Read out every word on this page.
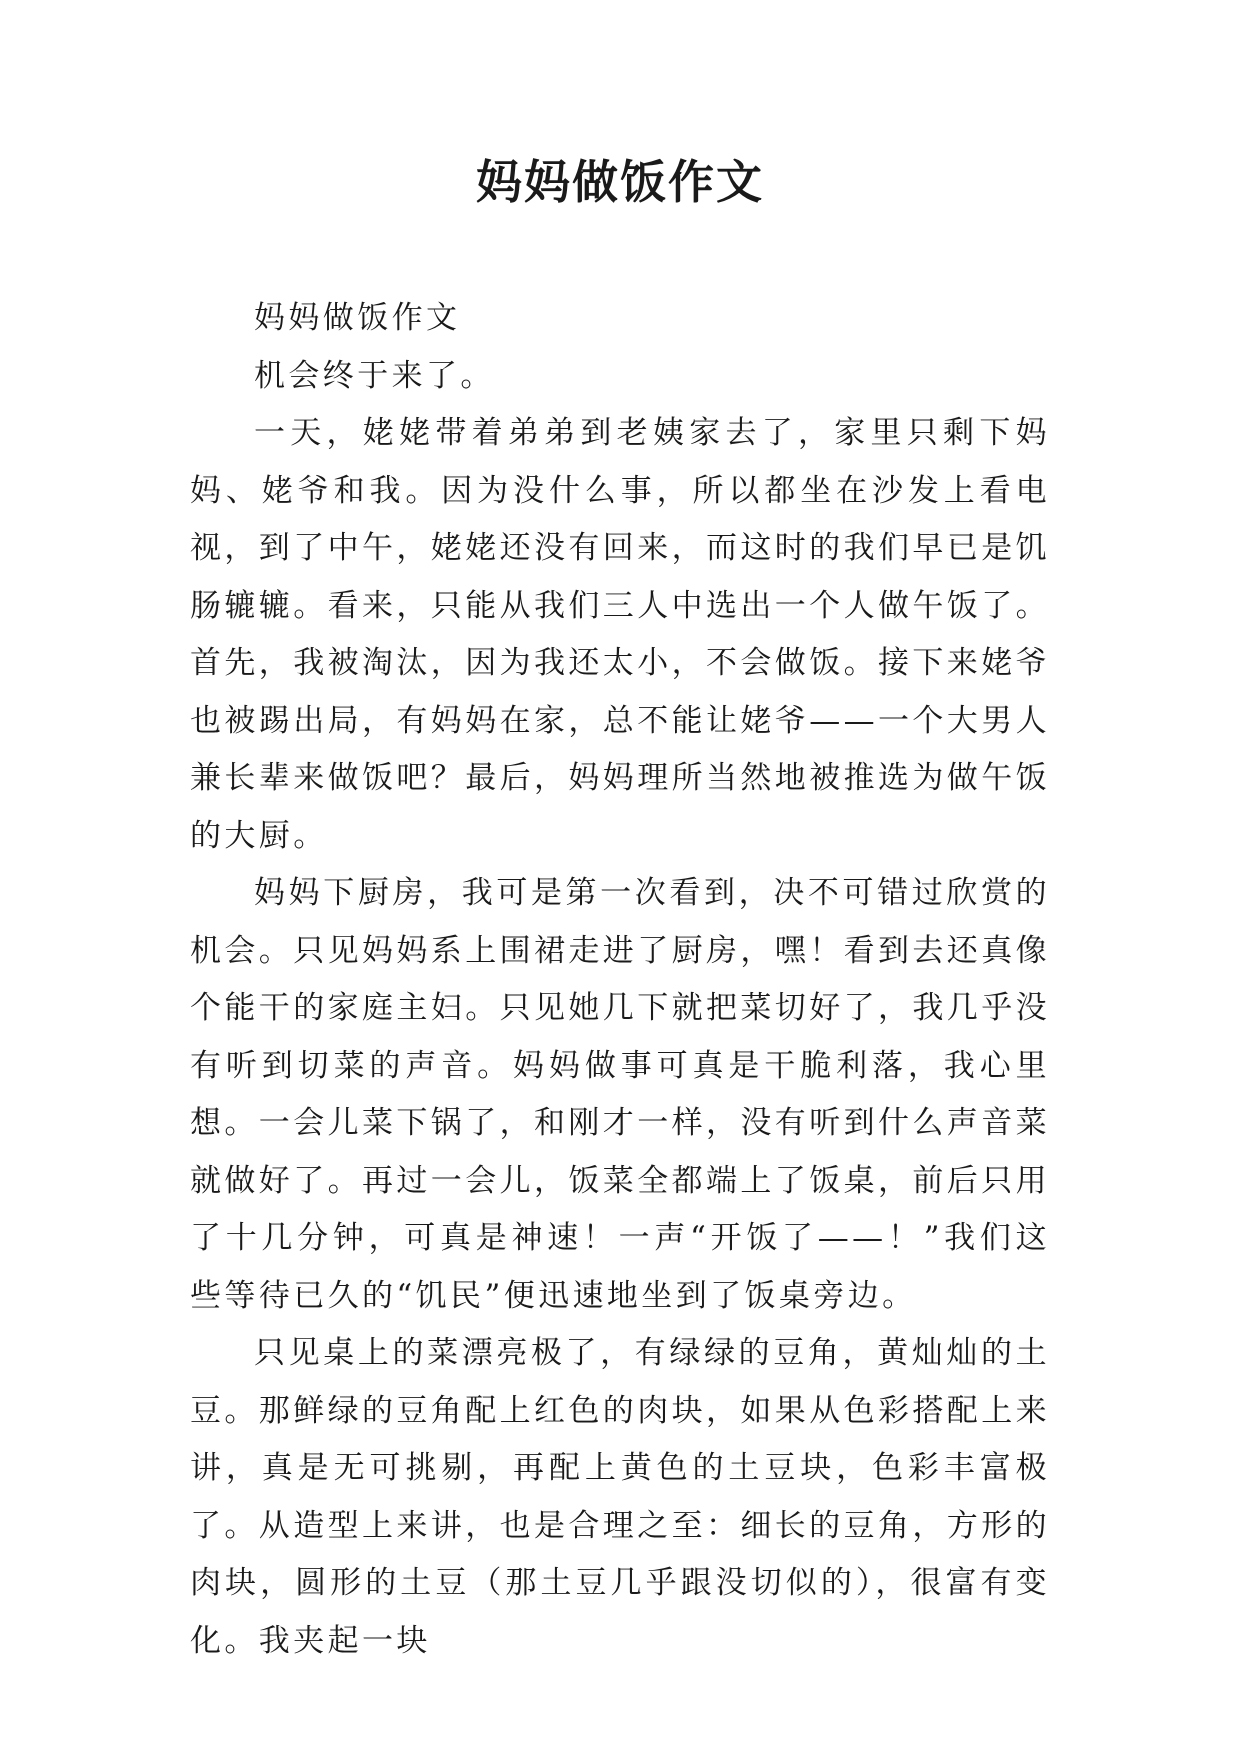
妈妈做饭作文

妈妈做饭作文

机会终于来了。

一天，姥姥带着弟弟到老姨家去了，家里只剩下妈妈、姥爷和我。因为没什么事，所以都坐在沙发上看电视，到了中午，姥姥还没有回来，而这时的我们早已是饥肠辘辘。看来，只能从我们三人中选出一个人做午饭了。首先，我被淘汰，因为我还太小，不会做饭。接下来姥爷也被踢出局，有妈妈在家，总不能让姥爷——一个大男人兼长辈来做饭吧？最后，妈妈理所当然地被推选为做午饭的大厨。

妈妈下厨房，我可是第一次看到，决不可错过欣赏的机会。只见妈妈系上围裙走进了厨房，嘿！看到去还真像个能干的家庭主妇。只见她几下就把菜切好了，我几乎没有听到切菜的声音。妈妈做事可真是干脆利落，我心里想。一会儿菜下锅了，和刚才一样，没有听到什么声音菜就做好了。再过一会儿，饭菜全都端上了饭桌，前后只用了十几分钟，可真是神速！一声“开饭了——！”我们这些等待已久的“饥民”便迅速地坐到了饭桌旁边。

只见桌上的菜漂亮极了，有绿绿的豆角，黄灿灿的土豆。那鲜绿的豆角配上红色的肉块，如果从色彩搭配上来讲，真是无可挑剔，再配上黄色的土豆块，色彩丰富极了。从造型上来讲，也是合理之至：细长的豆角，方形的肉块，圆形的土豆（那土豆几乎跟没切似的），很富有变化。我夹起一块
